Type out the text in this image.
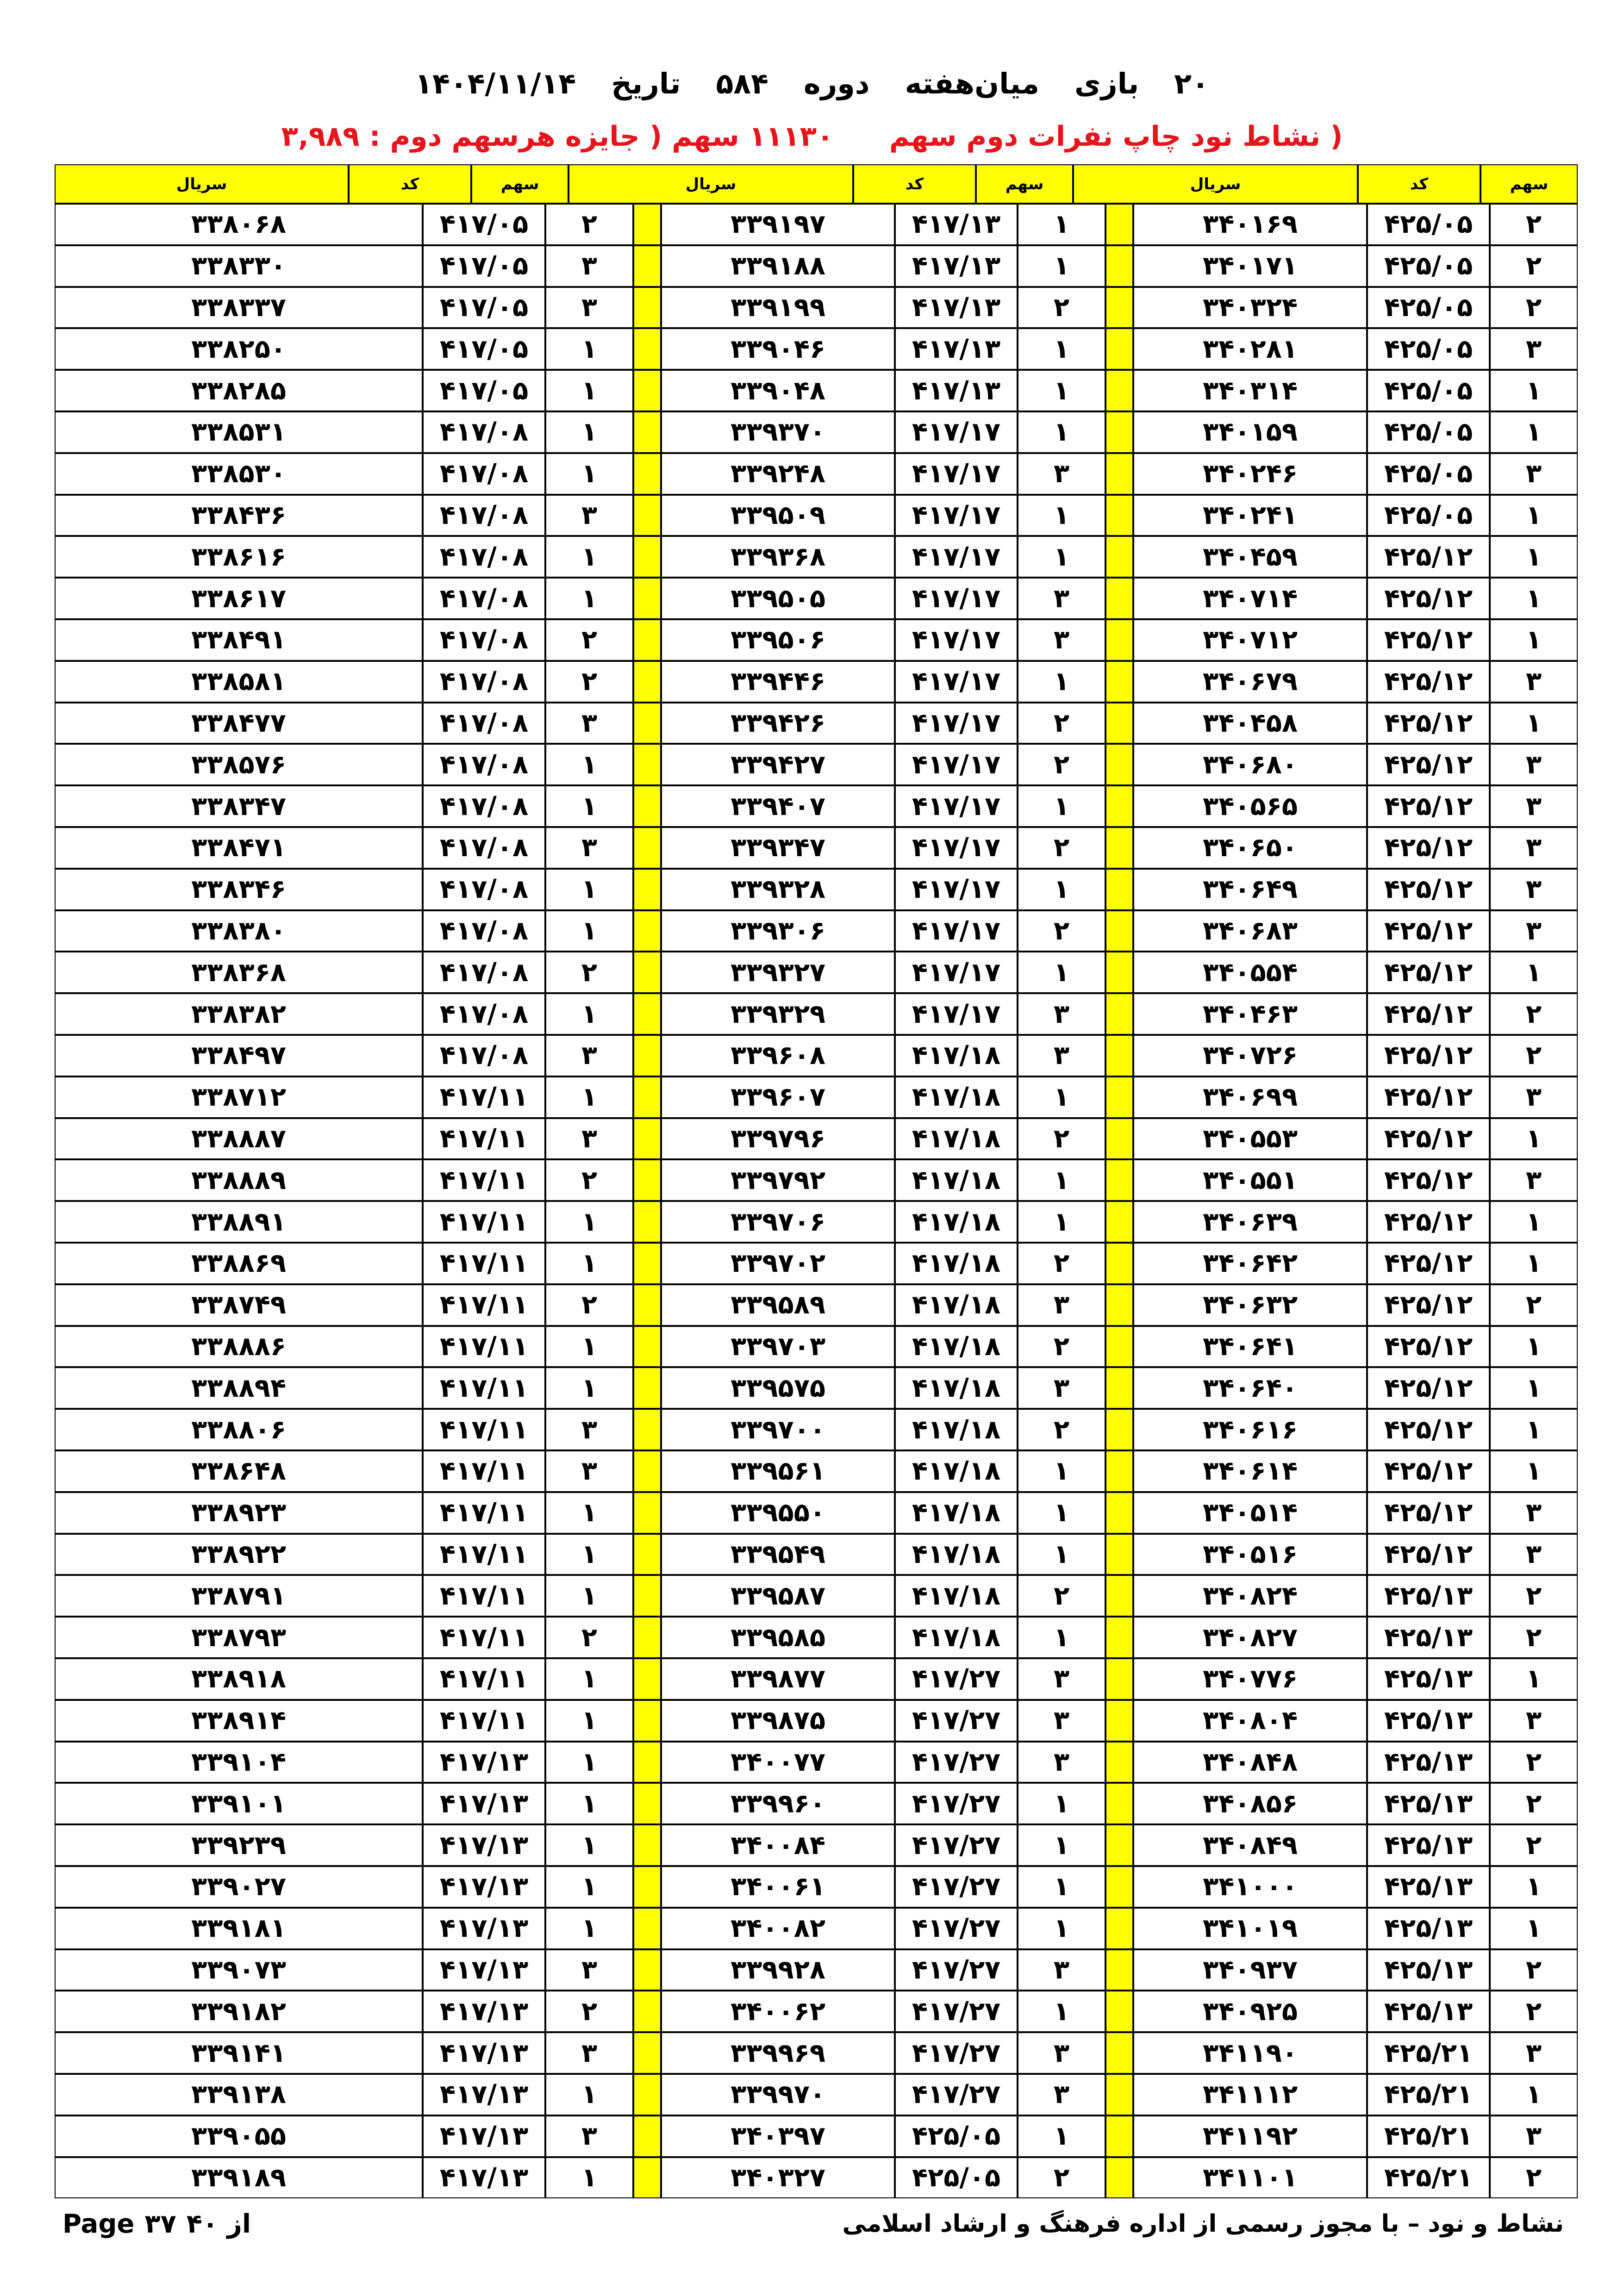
۲۰
بازی
میان‌هفته
دوره
۵۸۴
تاریخ
۱۴۰۴/۱۱/۱۴
( نشاط نود چاپ نفرات دوم سهم
۱۱۱۳۰ سهم ( جایزه هرسهم دوم : ۳,۹۸۹
سهم
کد
سریال
سهم
کد
سریال
سهم
کد
سریال
۲
۴۲۵/۰۵
۳۴۰۱۶۹
۱
۴۱۷/۱۳
۳۳۹۱۹۷
۲
۴۱۷/۰۵
۳۳۸۰۶۸
۲
۴۲۵/۰۵
۳۴۰۱۷۱
۱
۴۱۷/۱۳
۳۳۹۱۸۸
۳
۴۱۷/۰۵
۳۳۸۳۳۰
۲
۴۲۵/۰۵
۳۴۰۳۲۴
۲
۴۱۷/۱۳
۳۳۹۱۹۹
۳
۴۱۷/۰۵
۳۳۸۳۳۷
۳
۴۲۵/۰۵
۳۴۰۲۸۱
۱
۴۱۷/۱۳
۳۳۹۰۴۶
۱
۴۱۷/۰۵
۳۳۸۲۵۰
۱
۴۲۵/۰۵
۳۴۰۳۱۴
۱
۴۱۷/۱۳
۳۳۹۰۴۸
۱
۴۱۷/۰۵
۳۳۸۲۸۵
۱
۴۲۵/۰۵
۳۴۰۱۵۹
۱
۴۱۷/۱۷
۳۳۹۳۷۰
۱
۴۱۷/۰۸
۳۳۸۵۳۱
۳
۴۲۵/۰۵
۳۴۰۲۴۶
۳
۴۱۷/۱۷
۳۳۹۲۴۸
۱
۴۱۷/۰۸
۳۳۸۵۳۰
۱
۴۲۵/۰۵
۳۴۰۲۴۱
۱
۴۱۷/۱۷
۳۳۹۵۰۹
۳
۴۱۷/۰۸
۳۳۸۴۳۶
۱
۴۲۵/۱۲
۳۴۰۴۵۹
۱
۴۱۷/۱۷
۳۳۹۳۶۸
۱
۴۱۷/۰۸
۳۳۸۶۱۶
۱
۴۲۵/۱۲
۳۴۰۷۱۴
۳
۴۱۷/۱۷
۳۳۹۵۰۵
۱
۴۱۷/۰۸
۳۳۸۶۱۷
۱
۴۲۵/۱۲
۳۴۰۷۱۲
۳
۴۱۷/۱۷
۳۳۹۵۰۶
۲
۴۱۷/۰۸
۳۳۸۴۹۱
۳
۴۲۵/۱۲
۳۴۰۶۷۹
۱
۴۱۷/۱۷
۳۳۹۴۴۶
۲
۴۱۷/۰۸
۳۳۸۵۸۱
۱
۴۲۵/۱۲
۳۴۰۴۵۸
۲
۴۱۷/۱۷
۳۳۹۴۲۶
۳
۴۱۷/۰۸
۳۳۸۴۷۷
۳
۴۲۵/۱۲
۳۴۰۶۸۰
۲
۴۱۷/۱۷
۳۳۹۴۲۷
۱
۴۱۷/۰۸
۳۳۸۵۷۶
۳
۴۲۵/۱۲
۳۴۰۵۶۵
۱
۴۱۷/۱۷
۳۳۹۴۰۷
۱
۴۱۷/۰۸
۳۳۸۳۴۷
۳
۴۲۵/۱۲
۳۴۰۶۵۰
۲
۴۱۷/۱۷
۳۳۹۳۴۷
۳
۴۱۷/۰۸
۳۳۸۴۷۱
۳
۴۲۵/۱۲
۳۴۰۶۴۹
۱
۴۱۷/۱۷
۳۳۹۳۲۸
۱
۴۱۷/۰۸
۳۳۸۳۴۶
۳
۴۲۵/۱۲
۳۴۰۶۸۳
۲
۴۱۷/۱۷
۳۳۹۳۰۶
۱
۴۱۷/۰۸
۳۳۸۳۸۰
۱
۴۲۵/۱۲
۳۴۰۵۵۴
۱
۴۱۷/۱۷
۳۳۹۳۲۷
۲
۴۱۷/۰۸
۳۳۸۳۶۸
۲
۴۲۵/۱۲
۳۴۰۴۶۳
۳
۴۱۷/۱۷
۳۳۹۳۲۹
۱
۴۱۷/۰۸
۳۳۸۳۸۲
۲
۴۲۵/۱۲
۳۴۰۷۲۶
۳
۴۱۷/۱۸
۳۳۹۶۰۸
۳
۴۱۷/۰۸
۳۳۸۴۹۷
۳
۴۲۵/۱۲
۳۴۰۶۹۹
۱
۴۱۷/۱۸
۳۳۹۶۰۷
۱
۴۱۷/۱۱
۳۳۸۷۱۲
۱
۴۲۵/۱۲
۳۴۰۵۵۳
۲
۴۱۷/۱۸
۳۳۹۷۹۶
۳
۴۱۷/۱۱
۳۳۸۸۸۷
۳
۴۲۵/۱۲
۳۴۰۵۵۱
۱
۴۱۷/۱۸
۳۳۹۷۹۲
۲
۴۱۷/۱۱
۳۳۸۸۸۹
۱
۴۲۵/۱۲
۳۴۰۶۳۹
۱
۴۱۷/۱۸
۳۳۹۷۰۶
۱
۴۱۷/۱۱
۳۳۸۸۹۱
۱
۴۲۵/۱۲
۳۴۰۶۴۲
۲
۴۱۷/۱۸
۳۳۹۷۰۲
۱
۴۱۷/۱۱
۳۳۸۸۶۹
۲
۴۲۵/۱۲
۳۴۰۶۳۲
۳
۴۱۷/۱۸
۳۳۹۵۸۹
۲
۴۱۷/۱۱
۳۳۸۷۴۹
۱
۴۲۵/۱۲
۳۴۰۶۴۱
۲
۴۱۷/۱۸
۳۳۹۷۰۳
۱
۴۱۷/۱۱
۳۳۸۸۸۶
۱
۴۲۵/۱۲
۳۴۰۶۴۰
۳
۴۱۷/۱۸
۳۳۹۵۷۵
۱
۴۱۷/۱۱
۳۳۸۸۹۴
۱
۴۲۵/۱۲
۳۴۰۶۱۶
۲
۴۱۷/۱۸
۳۳۹۷۰۰
۳
۴۱۷/۱۱
۳۳۸۸۰۶
۱
۴۲۵/۱۲
۳۴۰۶۱۴
۱
۴۱۷/۱۸
۳۳۹۵۶۱
۳
۴۱۷/۱۱
۳۳۸۶۴۸
۳
۴۲۵/۱۲
۳۴۰۵۱۴
۱
۴۱۷/۱۸
۳۳۹۵۵۰
۱
۴۱۷/۱۱
۳۳۸۹۲۳
۳
۴۲۵/۱۲
۳۴۰۵۱۶
۱
۴۱۷/۱۸
۳۳۹۵۴۹
۱
۴۱۷/۱۱
۳۳۸۹۲۲
۲
۴۲۵/۱۳
۳۴۰۸۲۴
۲
۴۱۷/۱۸
۳۳۹۵۸۷
۱
۴۱۷/۱۱
۳۳۸۷۹۱
۲
۴۲۵/۱۳
۳۴۰۸۲۷
۱
۴۱۷/۱۸
۳۳۹۵۸۵
۲
۴۱۷/۱۱
۳۳۸۷۹۳
۱
۴۲۵/۱۳
۳۴۰۷۷۶
۳
۴۱۷/۲۷
۳۳۹۸۷۷
۱
۴۱۷/۱۱
۳۳۸۹۱۸
۳
۴۲۵/۱۳
۳۴۰۸۰۴
۳
۴۱۷/۲۷
۳۳۹۸۷۵
۱
۴۱۷/۱۱
۳۳۸۹۱۴
۲
۴۲۵/۱۳
۳۴۰۸۴۸
۳
۴۱۷/۲۷
۳۴۰۰۷۷
۱
۴۱۷/۱۳
۳۳۹۱۰۴
۲
۴۲۵/۱۳
۳۴۰۸۵۶
۱
۴۱۷/۲۷
۳۳۹۹۶۰
۱
۴۱۷/۱۳
۳۳۹۱۰۱
۲
۴۲۵/۱۳
۳۴۰۸۴۹
۱
۴۱۷/۲۷
۳۴۰۰۸۴
۱
۴۱۷/۱۳
۳۳۹۲۳۹
۱
۴۲۵/۱۳
۳۴۱۰۰۰
۱
۴۱۷/۲۷
۳۴۰۰۶۱
۱
۴۱۷/۱۳
۳۳۹۰۲۷
۱
۴۲۵/۱۳
۳۴۱۰۱۹
۱
۴۱۷/۲۷
۳۴۰۰۸۲
۱
۴۱۷/۱۳
۳۳۹۱۸۱
۲
۴۲۵/۱۳
۳۴۰۹۳۷
۳
۴۱۷/۲۷
۳۳۹۹۲۸
۳
۴۱۷/۱۳
۳۳۹۰۷۳
۲
۴۲۵/۱۳
۳۴۰۹۲۵
۱
۴۱۷/۲۷
۳۴۰۰۶۲
۲
۴۱۷/۱۳
۳۳۹۱۸۲
۳
۴۲۵/۲۱
۳۴۱۱۹۰
۳
۴۱۷/۲۷
۳۳۹۹۶۹
۳
۴۱۷/۱۳
۳۳۹۱۴۱
۱
۴۲۵/۲۱
۳۴۱۱۱۲
۳
۴۱۷/۲۷
۳۳۹۹۷۰
۱
۴۱۷/۱۳
۳۳۹۱۳۸
۳
۴۲۵/۲۱
۳۴۱۱۹۲
۱
۴۲۵/۰۵
۳۴۰۳۹۷
۳
۴۱۷/۱۳
۳۳۹۰۵۵
۲
۴۲۵/۲۱
۳۴۱۱۰۱
۲
۴۲۵/۰۵
۳۴۰۳۲۷
۱
۴۱۷/۱۳
۳۳۹۱۸۹
نشاط و نود – با مجوز رسمی از اداره فرهنگ و ارشاد اسلامی
Page ۳۷ از ۴۰
